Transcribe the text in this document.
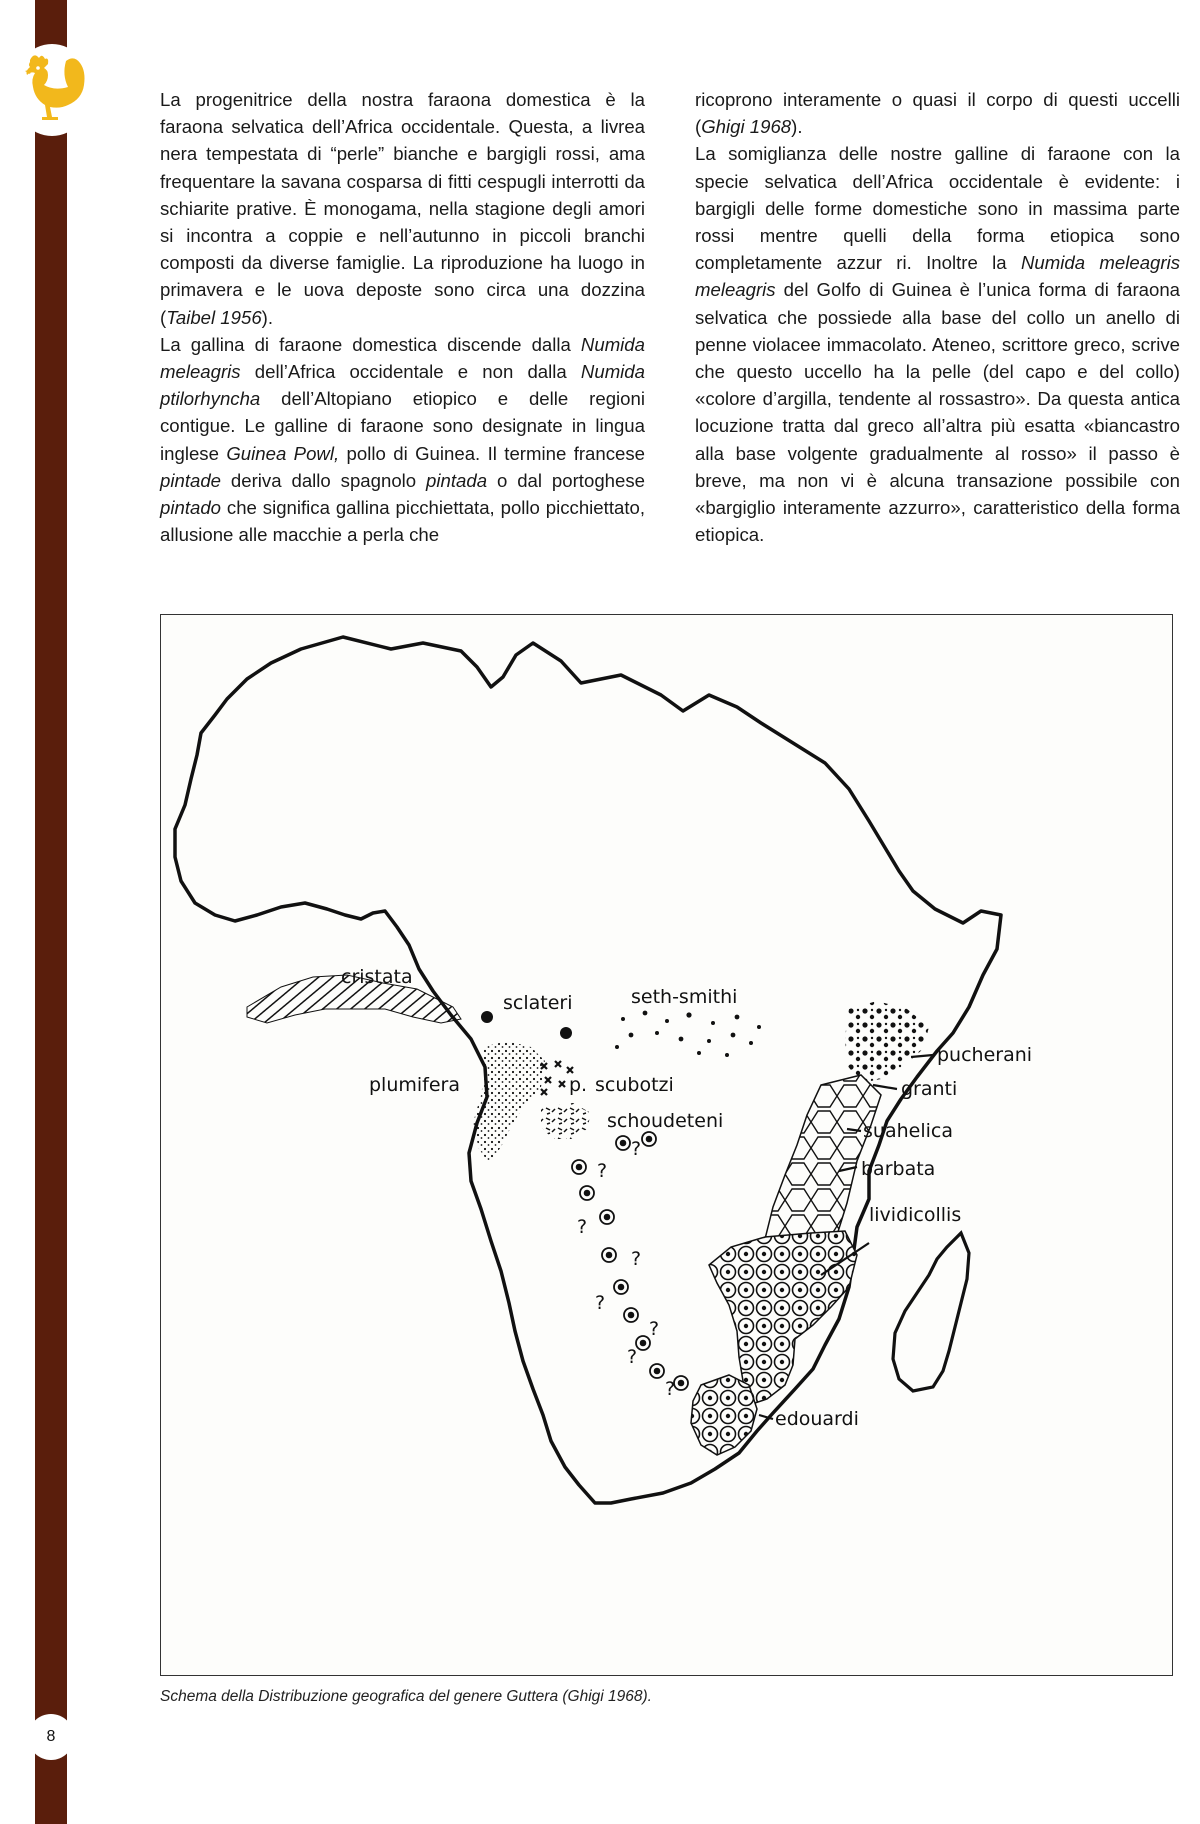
La progenitrice della nostra faraona domestica è la faraona selvatica dell’Africa occidentale. Questa, a livrea nera tempestata di “perle” bianche e bargigli rossi, ama frequentare la savana cosparsa di fitti cespugli interrotti da schiarite prative. È monogama, nella stagione degli amori si incontra a coppie e nell’autunno in piccoli branchi composti da diverse famiglie. La riproduzione ha luogo in primavera e le uova deposte sono circa una dozzina (Taibel 1956).

La gallina di faraone domestica discende dalla Numida meleagris dell’Africa occidentale e non dalla Numida ptilorhyncha dell’Altopiano etiopico e delle regioni contigue. Le galline di faraone sono designate in lingua inglese Guinea Powl, pollo di Guinea. Il termine francese pintade deriva dallo spagnolo pintada o dal portoghese pintado che significa gallina picchiettata, pollo picchiettato, allusione alle macchie a perla che

ricoprono interamente o quasi il corpo di questi uccelli (Ghigi 1968).

La somiglianza delle nostre galline di faraone con la specie selvatica dell’Africa occidentale è evidente: i bargigli delle forme domestiche sono in massima parte rossi mentre quelli della forma etiopica sono completamente azzur ri. Inoltre la Numida meleagris meleagris del Golfo di Guinea è l’unica forma di faraona selvatica che possiede alla base del collo un anello di penne violacee immacolato. Ateneo, scrittore greco, scrive che questo uccello ha la pelle (del capo e del collo) «colore d’argilla, tendente al rossastro». Da questa antica locuzione tratta dal greco all’altra più esatta «biancastro alla base volgente gradualmente al rosso» il passo è breve, ma non vi è alcuna transazione possibile con «bargiglio interamente azzurro», caratteristico della forma etiopica.

?
?
?
?
?
?
?
?
cristata
sclateri	seth-smithi
plumifera	p. scubotzi
schoudeteni
pucherani
granti
suahelica
barbata
lividicollis
edouardi
Schema della Distribuzione geografica del genere Guttera (Ghigi 1968).
8
